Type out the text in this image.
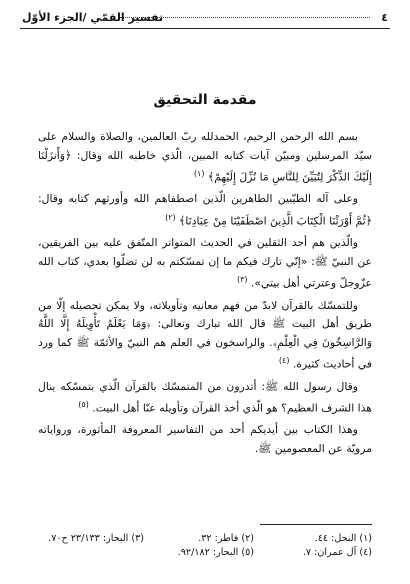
٤
تفسير القمّي /الجزء الأوّل
مقدمة التحقيق

بسم الله الرحمن الرحيم، الحمدلله ربّ العالمين، والصلاة والسلام على سيّد المرسلين ومبيّن آيات كتابه المبين، الّذي خاطبه الله وقال: ﴿وَأَنزَلْنَا إِلَيْكَ الذِّكْرَ لِتُبَيِّنَ لِلنَّاسِ مَا نُزِّلَ إِلَيْهِمْ﴾ $^{(١)}$

وعلى آله الطيّبين الطاهرين الّذين اصطفاهم الله وأورثهم كتابه وقال: ﴿ثُمَّ أَوْرَثْنَا الْكِتَابَ الَّذِينَ اصْطَفَيْنَا مِنْ عِبَادِنَا﴾ $^{(٢)}$

والّذين هم أحد الثقلين في الحديث المتواتر المتّفق عليه بين الفريقين، عن النبيّ ﷺ: «إنّي تارك فيكم ما إن تمسّكتم به لن تضلّوا بعدي، كتاب الله عزّوجلّ وعترتي أهل بيتي». $^{(٣)}$

وللتمسّك بالقرآن لابدّ من فهم معانيه وتأويلاته، ولا يمكن تحصيله إلّا من طريق أهل البيت ﷺ قال الله تبارك وتعالى: ﴿وَمَا يَعْلَمُ تَأْوِيلَهُ إِلَّا اللَّهُ وَالرَّاسِخُونَ فِي الْعِلْمِ﴾. والراسخون في العلم هم النبيّ والأئمّة ﷺ كما ورد في أحاديث كثيرة. $^{(٤)}$

وقال رسول الله ﷺ: أتدرون من المتمسّك بالقرآن الّذي بتمسّكه ينال هذا الشرف العظيم؟ هو الّذي أخذ القرآن وتأويله عنّا أهل البيت. $^{(٥)}$

وهذا الكتاب بين أيديكم أحد من التفاسير المعروفة المأثورة، ورواياته مرويّة عن المعصومين ﷺ.

(١) النحل: ٤٤.
(٢) فاطر: ٣٢.
(٣) البحار: ٢٣/١٣٣ ح٧٠.
(٤) آل عمران: ٧.
(٥) البحار: ٩٢/١٨٢.
